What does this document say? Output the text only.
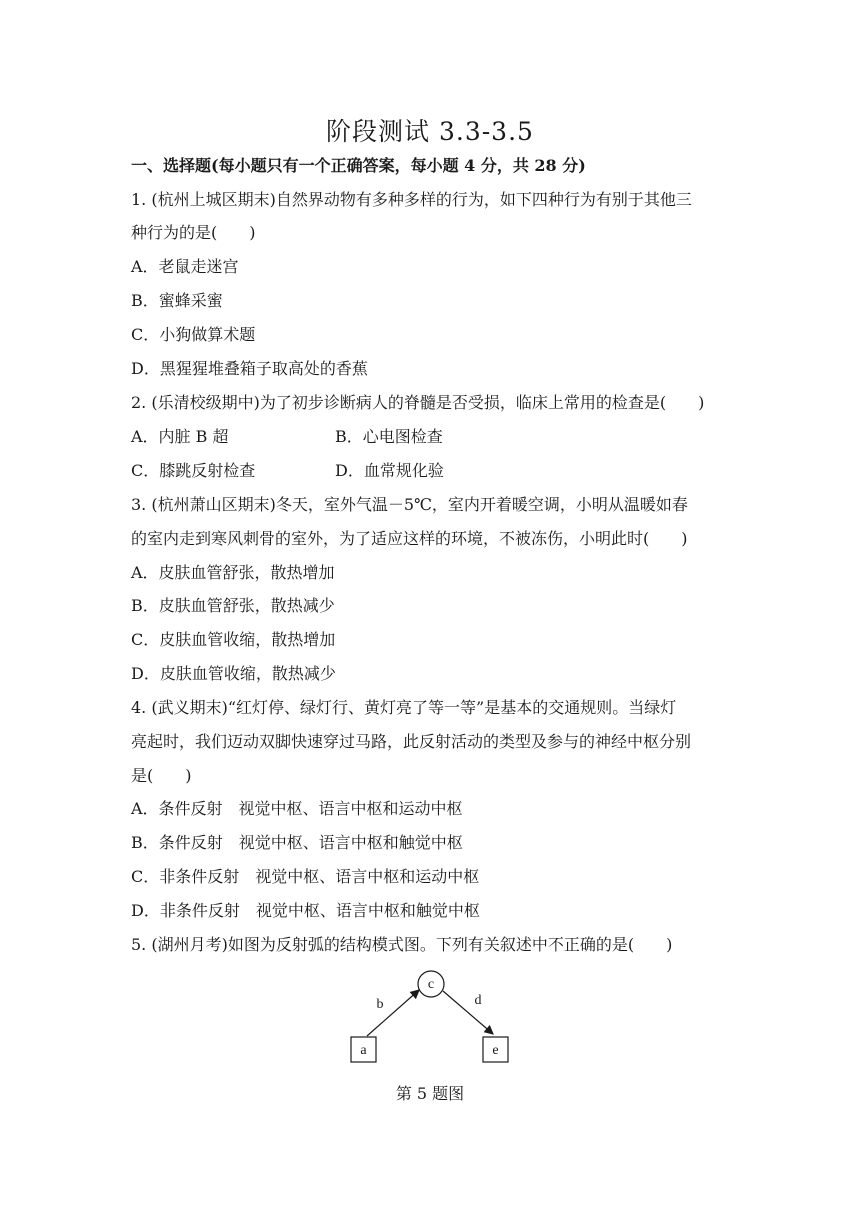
阶段测试 3.3-3.5
一、选择题(每小题只有一个正确答案，每小题 4 分，共 28 分)
1. (杭州上城区期末)自然界动物有多种多样的行为，如下四种行为有别于其他三
种行为的是(　　)
A．老鼠走迷宫
B．蜜蜂采蜜
C．小狗做算术题
D．黑猩猩堆叠箱子取高处的香蕉
2. (乐清校级期中)为了初步诊断病人的脊髓是否受损，临床上常用的检查是(　　)
A．内脏 B 超	B．心电图检查
C．膝跳反射检查	D．血常规化验
3. (杭州萧山区期末)冬天，室外气温－5℃，室内开着暖空调，小明从温暖如春
的室内走到寒风刺骨的室外，为了适应这样的环境，不被冻伤，小明此时(　　)
A．皮肤血管舒张，散热增加
B．皮肤血管舒张，散热减少
C．皮肤血管收缩，散热增加
D．皮肤血管收缩，散热减少
4. (武义期末)“红灯停、绿灯行、黄灯亮了等一等”是基本的交通规则。当绿灯
亮起时，我们迈动双脚快速穿过马路，此反射活动的类型及参与的神经中枢分别
是(　　)
A．条件反射　视觉中枢、语言中枢和运动中枢
B．条件反射　视觉中枢、语言中枢和触觉中枢
C．非条件反射　视觉中枢、语言中枢和运动中枢
D．非条件反射　视觉中枢、语言中枢和触觉中枢
5. (湖州月考)如图为反射弧的结构模式图。下列有关叙述中不正确的是(　　)
a
c
e
b	d
第 5 题图
